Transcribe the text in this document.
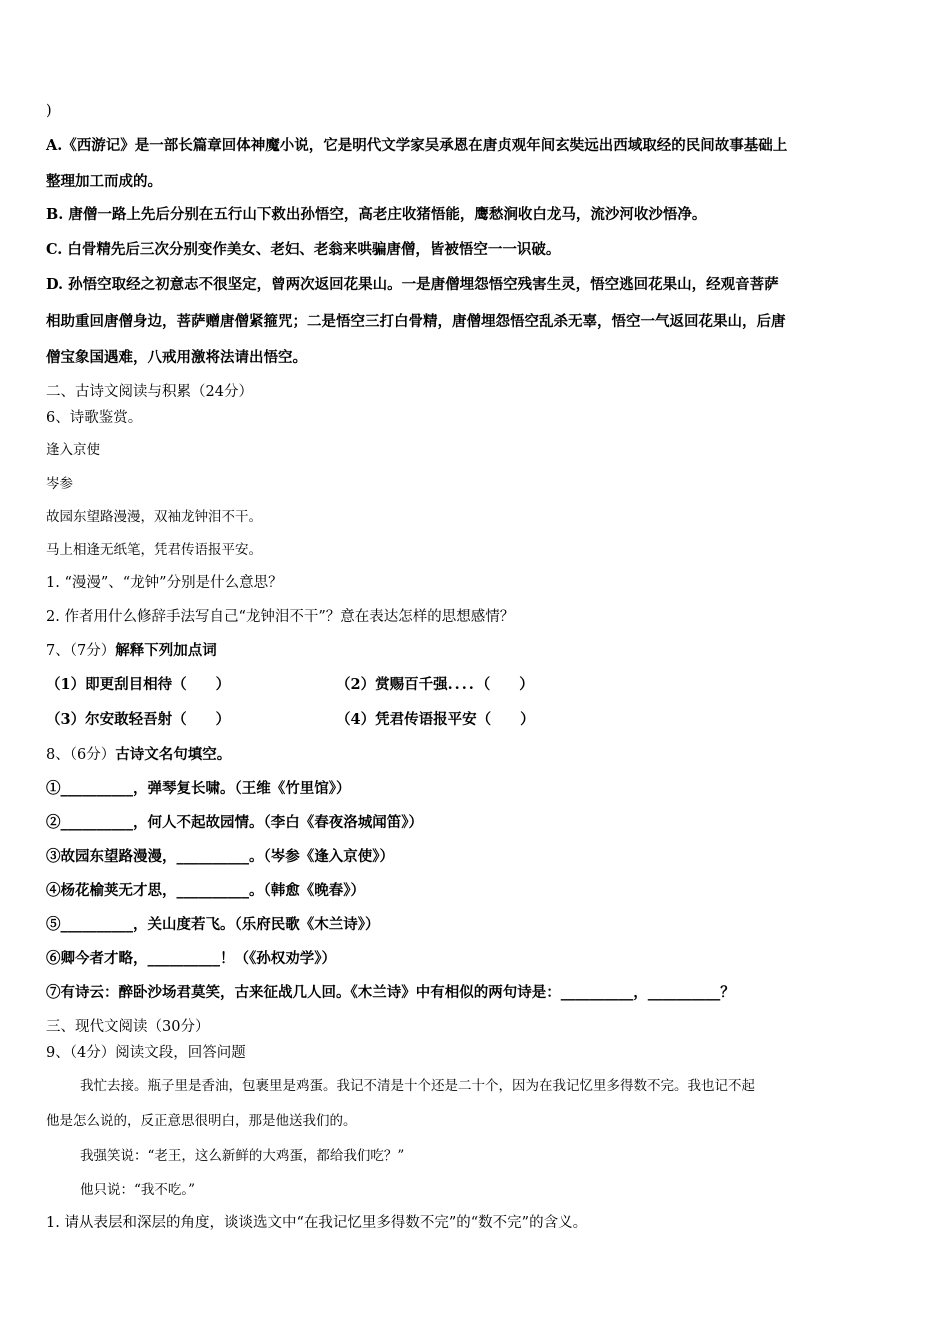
)
A.《西游记》是一部长篇章回体神魔小说，它是明代文学家吴承恩在唐贞观年间玄奘远出西域取经的民间故事基础上
整理加工而成的。
B. 唐僧一路上先后分别在五行山下救出孙悟空，高老庄收猪悟能，鹰愁涧收白龙马，流沙河收沙悟净。
C. 白骨精先后三次分别变作美女、老妇、老翁来哄骗唐僧，皆被悟空一一识破。
D. 孙悟空取经之初意志不很坚定，曾两次返回花果山。一是唐僧埋怨悟空残害生灵，悟空逃回花果山，经观音菩萨
相助重回唐僧身边，菩萨赠唐僧紧箍咒；二是悟空三打白骨精，唐僧埋怨悟空乱杀无辜，悟空一气返回花果山，后唐
僧宝象国遇难，八戒用激将法请出悟空。
二、古诗文阅读与积累（24分）
6、诗歌鉴赏。
逢入京使
岑参
故园东望路漫漫，双袖龙钟泪不干。
马上相逢无纸笔，凭君传语报平安。
1. “漫漫”、“龙钟”分别是什么意思？
2. 作者用什么修辞手法写自己“龙钟泪不干”？意在表达怎样的思想感情？
7、（7分）解释下列加点词
（1）即更刮目相待（　　）	（2）赏赐百千强....（　　）
（3）尔安敢轻吾射（　　）	（4）凭君传语报平安（　　）
8、（6分）古诗文名句填空。
①__________，弹琴复长啸。（王维《竹里馆》）
②__________，何人不起故园情。（李白《春夜洛城闻笛》）
③故园东望路漫漫，__________。（岑参《逢入京使》）
④杨花榆荚无才思，__________。（韩愈《晚春》）
⑤__________，关山度若飞。（乐府民歌《木兰诗》）
⑥卿今者才略，__________！（《孙权劝学》）
⑦有诗云：醉卧沙场君莫笑，古来征战几人回。《木兰诗》中有相似的两句诗是：__________，__________？
三、现代文阅读（30分）
9、（4分）阅读文段，回答问题
我忙去接。瓶子里是香油，包裹里是鸡蛋。我记不清是十个还是二十个，因为在我记忆里多得数不完。我也记不起
他是怎么说的，反正意思很明白，那是他送我们的。
我强笑说：“老王，这么新鲜的大鸡蛋，都给我们吃？”
他只说：“我不吃。”
1. 请从表层和深层的角度，谈谈选文中“在我记忆里多得数不完”的“数不完”的含义。
